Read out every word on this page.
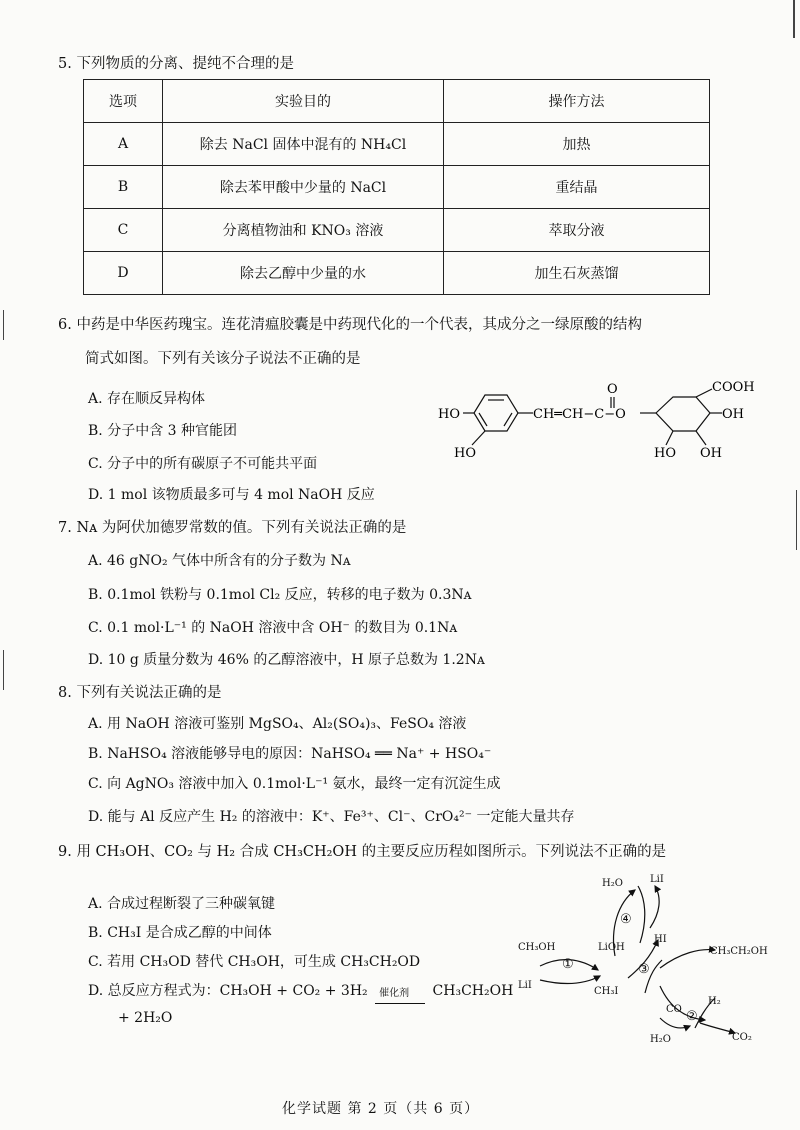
5. 下列物质的分离、提纯不合理的是
选项	实验目的	操作方法
A	除去 NaCl 固体中混有的 NH₄Cl	加热
B	除去苯甲酸中少量的 NaCl	重结晶
C	分离植物油和 KNO₃ 溶液	萃取分液
D	除去乙醇中少量的水	加生石灰蒸馏
6. 中药是中华医药瑰宝。连花清瘟胶囊是中药现代化的一个代表，其成分之一绿原酸的结构
简式如图。下列有关该分子说法不正确的是
A. 存在顺反异构体
B. 分子中含 3 种官能团
C. 分子中的所有碳原子不可能共平面
D. 1 mol 该物质最多可与 4 mol NaOH 反应
HO
HO
CH═CH−C−O
O	COOH
OH
HO OH
7. Nᴀ 为阿伏加德罗常数的值。下列有关说法正确的是
A. 46 gNO₂ 气体中所含有的分子数为 Nᴀ
B. 0.1mol 铁粉与 0.1mol Cl₂ 反应，转移的电子数为 0.3Nᴀ
C. 0.1 mol·L⁻¹ 的 NaOH 溶液中含 OH⁻ 的数目为 0.1Nᴀ
D. 10 g 质量分数为 46% 的乙醇溶液中，H 原子总数为 1.2Nᴀ
8. 下列有关说法正确的是
A. 用 NaOH 溶液可鉴别 MgSO₄、Al₂(SO₄)₃、FeSO₄ 溶液
B. NaHSO₄ 溶液能够导电的原因：NaHSO₄ ══ Na⁺ + HSO₄⁻
C. 向 AgNO₃ 溶液中加入 0.1mol·L⁻¹ 氨水，最终一定有沉淀生成
D. 能与 Al 反应产生 H₂ 的溶液中：K⁺、Fe³⁺、Cl⁻、CrO₄²⁻ 一定能大量共存
9. 用 CH₃OH、CO₂ 与 H₂ 合成 CH₃CH₂OH 的主要反应历程如图所示。下列说法不正确的是
A. 合成过程断裂了三种碳氧键
B. CH₃I 是合成乙醇的中间体
C. 若用 CH₃OD 替代 CH₃OH，可生成 CH₃CH₂OD
D. 总反应方程式为：CH₃OH + CO₂ + 3H₂ 催化剂 CH₃CH₂OH
+ 2H₂O
H₂O	LiI
④
CH₃OH	LiOH
HI
CH₃CH₂OH
LiI
①
CH₃I
③
CO
H₂
②
H₂O	CO₂
化学试题 第 2 页（共 6 页）
